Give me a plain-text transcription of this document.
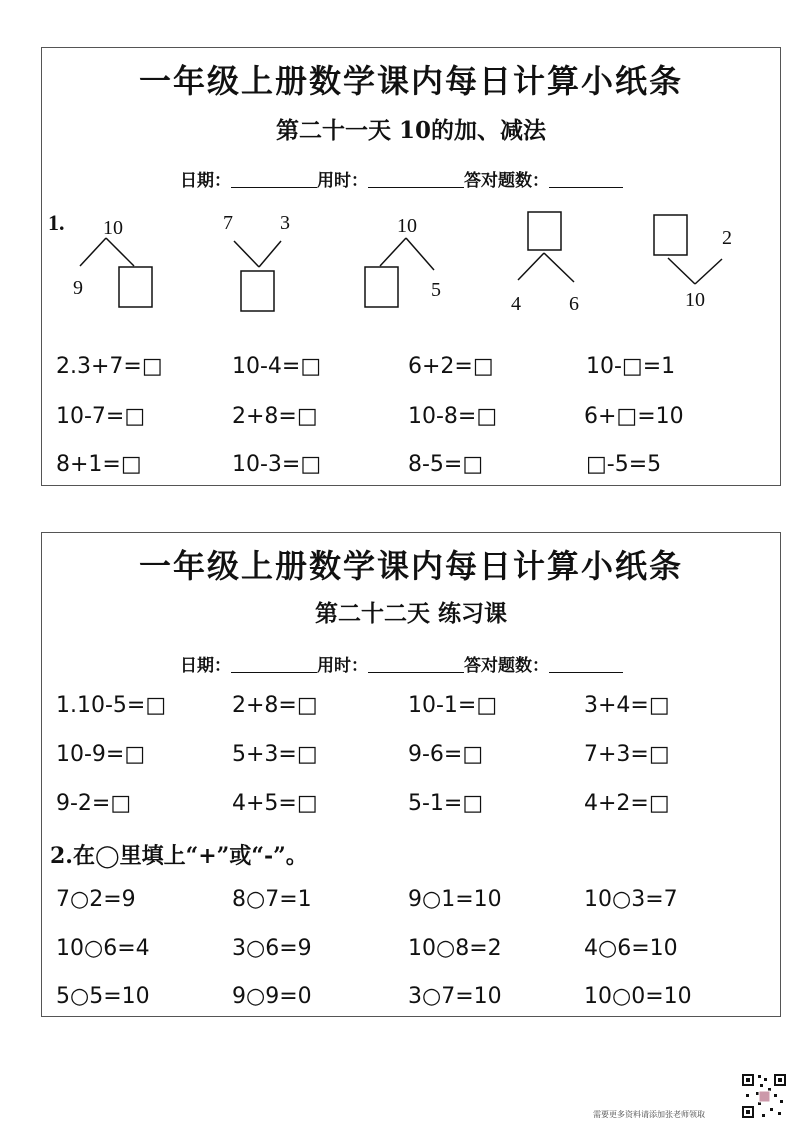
一年级上册数学课内每日计算小纸条
第二十一天 10的加、减法
日期：	用时：	答对题数：
1. 10
9
7 3	10
5
4 6
2
10
2.3+7=□	10-4=□	6+2=□	10-□=1
10-7=□	2+8=□	10-8=□	6+□=10
8+1=□	10-3=□	8-5=□	□-5=5
一年级上册数学课内每日计算小纸条
第二十二天 练习课
日期：	用时：	答对题数：
1.10-5=□	2+8=□	10-1=□	3+4=□
10-9=□	5+3=□	9-6=□	7+3=□
9-2=□	4+5=□	5-1=□	4+2=□
2.在◯里填上“+”或“-”。
7○2=9	8○7=1	9○1=10	10○3=7
10○6=4	3○6=9	10○8=2	4○6=10
5○5=10	9○9=0	3○7=10	10○0=10
需要更多资料请添加张老师领取
